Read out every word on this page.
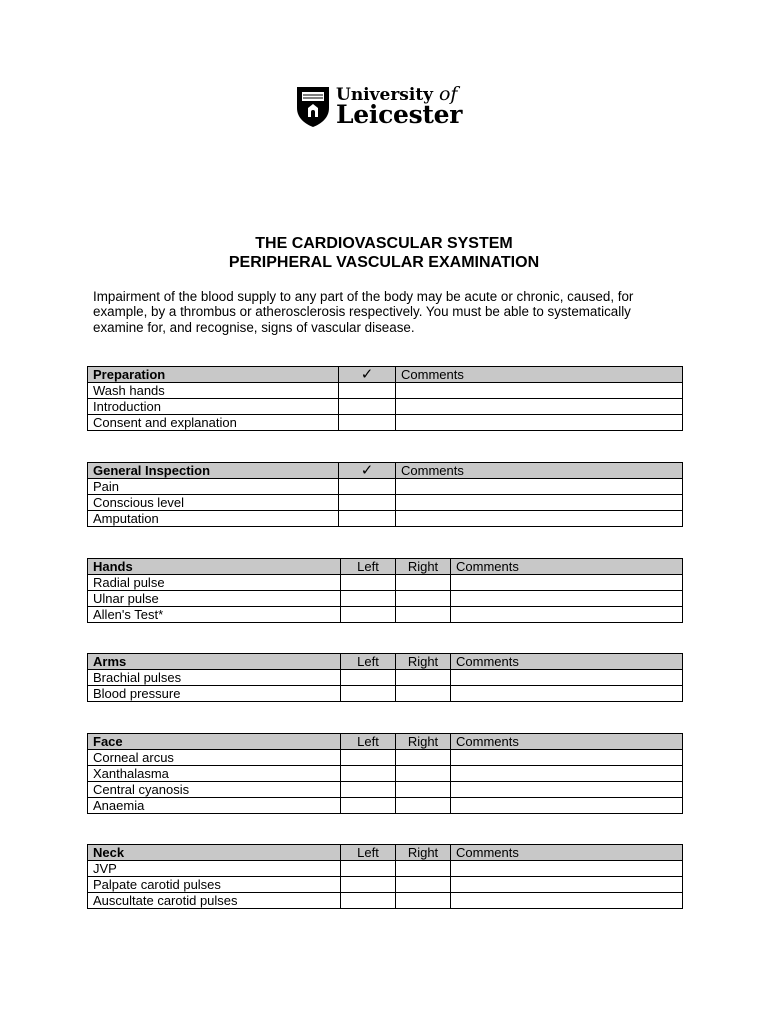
University of
Leicester
THE CARDIOVASCULAR SYSTEM
PERIPHERAL VASCULAR EXAMINATION
Impairment of the blood supply to any part of the body may be acute or chronic, caused, for example, by a thrombus or atherosclerosis respectively. You must be able to systematically examine for, and recognise, signs of vascular disease.
Preparation	✓	Comments
Wash hands		
Introduction		
Consent and explanation		
General Inspection	✓	Comments
Pain		
Conscious level		
Amputation		
Hands	Left	Right	Comments
Radial pulse			
Ulnar pulse			
Allen's Test*			
Arms	Left	Right	Comments
Brachial pulses			
Blood pressure			
Face	Left	Right	Comments
Corneal arcus			
Xanthalasma			
Central cyanosis			
Anaemia			
Neck	Left	Right	Comments
JVP			
Palpate carotid pulses			
Auscultate carotid pulses			
